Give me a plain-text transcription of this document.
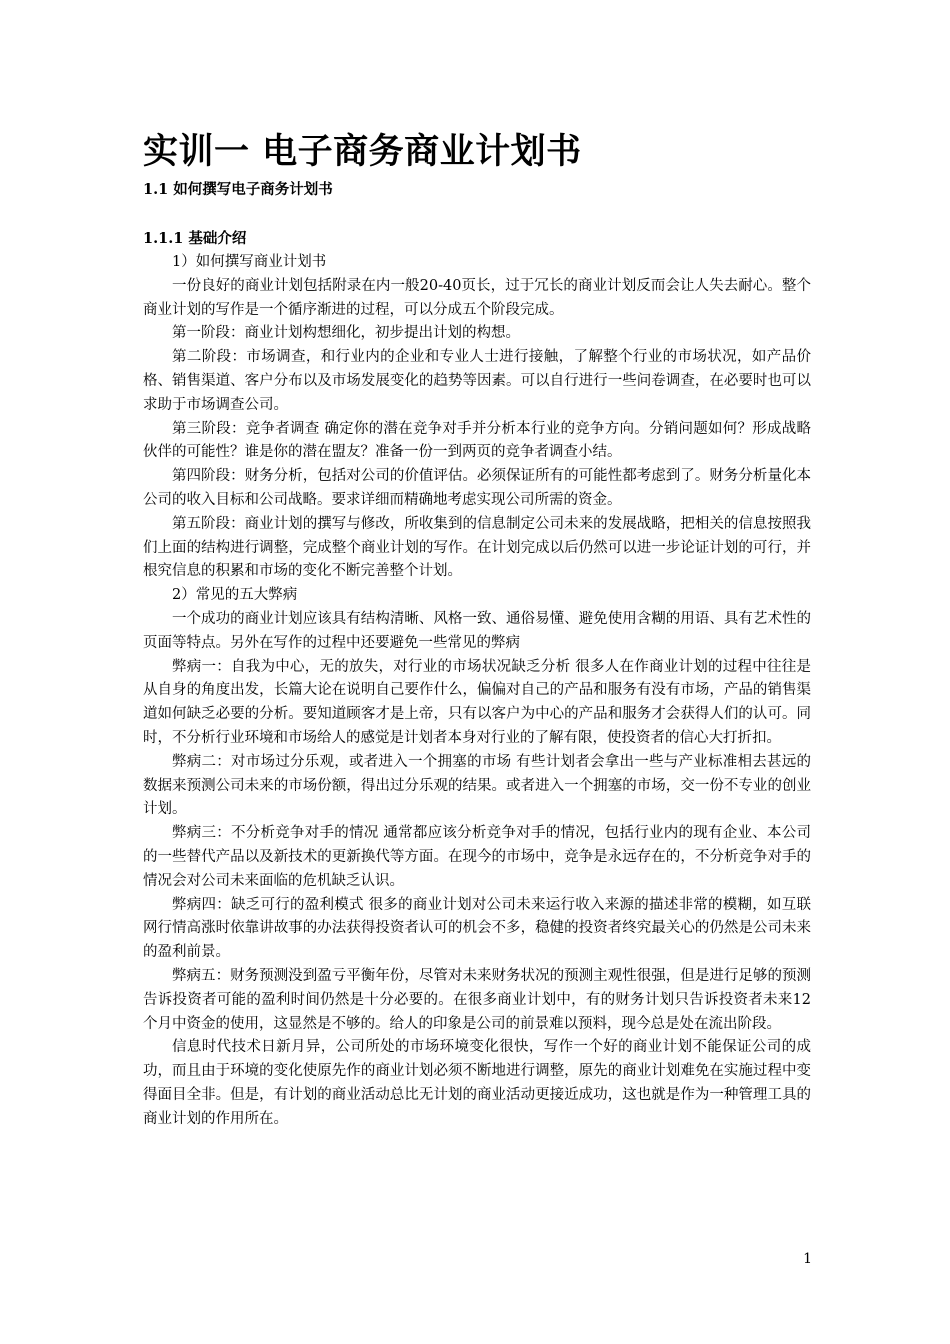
实训一 电子商务商业计划书
1.1 如何撰写电子商务计划书
1.1.1 基础介绍

1）如何撰写商业计划书

一份良好的商业计划包括附录在内一般20-40页长，过于冗长的商业计划反而会让人失去耐心。整个商业计划的写作是一个循序渐进的过程，可以分成五个阶段完成。

第一阶段：商业计划构想细化，初步提出计划的构想。

第二阶段：市场调查，和行业内的企业和专业人士进行接触，了解整个行业的市场状况，如产品价格、销售渠道、客户分布以及市场发展变化的趋势等因素。可以自行进行一些问卷调查，在必要时也可以求助于市场调查公司。

第三阶段：竞争者调查 确定你的潜在竞争对手并分析本行业的竞争方向。分销问题如何？形成战略伙伴的可能性？谁是你的潜在盟友？准备一份一到两页的竞争者调查小结。

第四阶段：财务分析，包括对公司的价值评估。必须保证所有的可能性都考虑到了。财务分析量化本公司的收入目标和公司战略。要求详细而精确地考虑实现公司所需的资金。

第五阶段：商业计划的撰写与修改，所收集到的信息制定公司未来的发展战略，把相关的信息按照我们上面的结构进行调整，完成整个商业计划的写作。在计划完成以后仍然可以进一步论证计划的可行，并根究信息的积累和市场的变化不断完善整个计划。

2）常见的五大弊病

一个成功的商业计划应该具有结构清晰、风格一致、通俗易懂、避免使用含糊的用语、具有艺术性的页面等特点。另外在写作的过程中还要避免一些常见的弊病

弊病一：自我为中心，无的放失，对行业的市场状况缺乏分析 很多人在作商业计划的过程中往往是从自身的角度出发，长篇大论在说明自己要作什么，偏偏对自己的产品和服务有没有市场，产品的销售渠道如何缺乏必要的分析。要知道顾客才是上帝，只有以客户为中心的产品和服务才会获得人们的认可。同时，不分析行业环境和市场给人的感觉是计划者本身对行业的了解有限，使投资者的信心大打折扣。

弊病二：对市场过分乐观，或者进入一个拥塞的市场 有些计划者会拿出一些与产业标准相去甚远的数据来预测公司未来的市场份额，得出过分乐观的结果。或者进入一个拥塞的市场，交一份不专业的创业计划。

弊病三：不分析竞争对手的情况 通常都应该分析竞争对手的情况，包括行业内的现有企业、本公司的一些替代产品以及新技术的更新换代等方面。在现今的市场中，竞争是永远存在的，不分析竞争对手的情况会对公司未来面临的危机缺乏认识。

弊病四：缺乏可行的盈利模式 很多的商业计划对公司未来运行收入来源的描述非常的模糊，如互联网行情高涨时依靠讲故事的办法获得投资者认可的机会不多，稳健的投资者终究最关心的仍然是公司未来的盈利前景。

弊病五：财务预测没到盈亏平衡年份，尽管对未来财务状况的预测主观性很强，但是进行足够的预测告诉投资者可能的盈利时间仍然是十分必要的。在很多商业计划中，有的财务计划只告诉投资者未来12个月中资金的使用，这显然是不够的。给人的印象是公司的前景难以预料，现今总是处在流出阶段。

信息时代技术日新月异，公司所处的市场环境变化很快，写作一个好的商业计划不能保证公司的成功，而且由于环境的变化使原先作的商业计划必须不断地进行调整，原先的商业计划难免在实施过程中变得面目全非。但是，有计划的商业活动总比无计划的商业活动更接近成功，这也就是作为一种管理工具的商业计划的作用所在。

1
